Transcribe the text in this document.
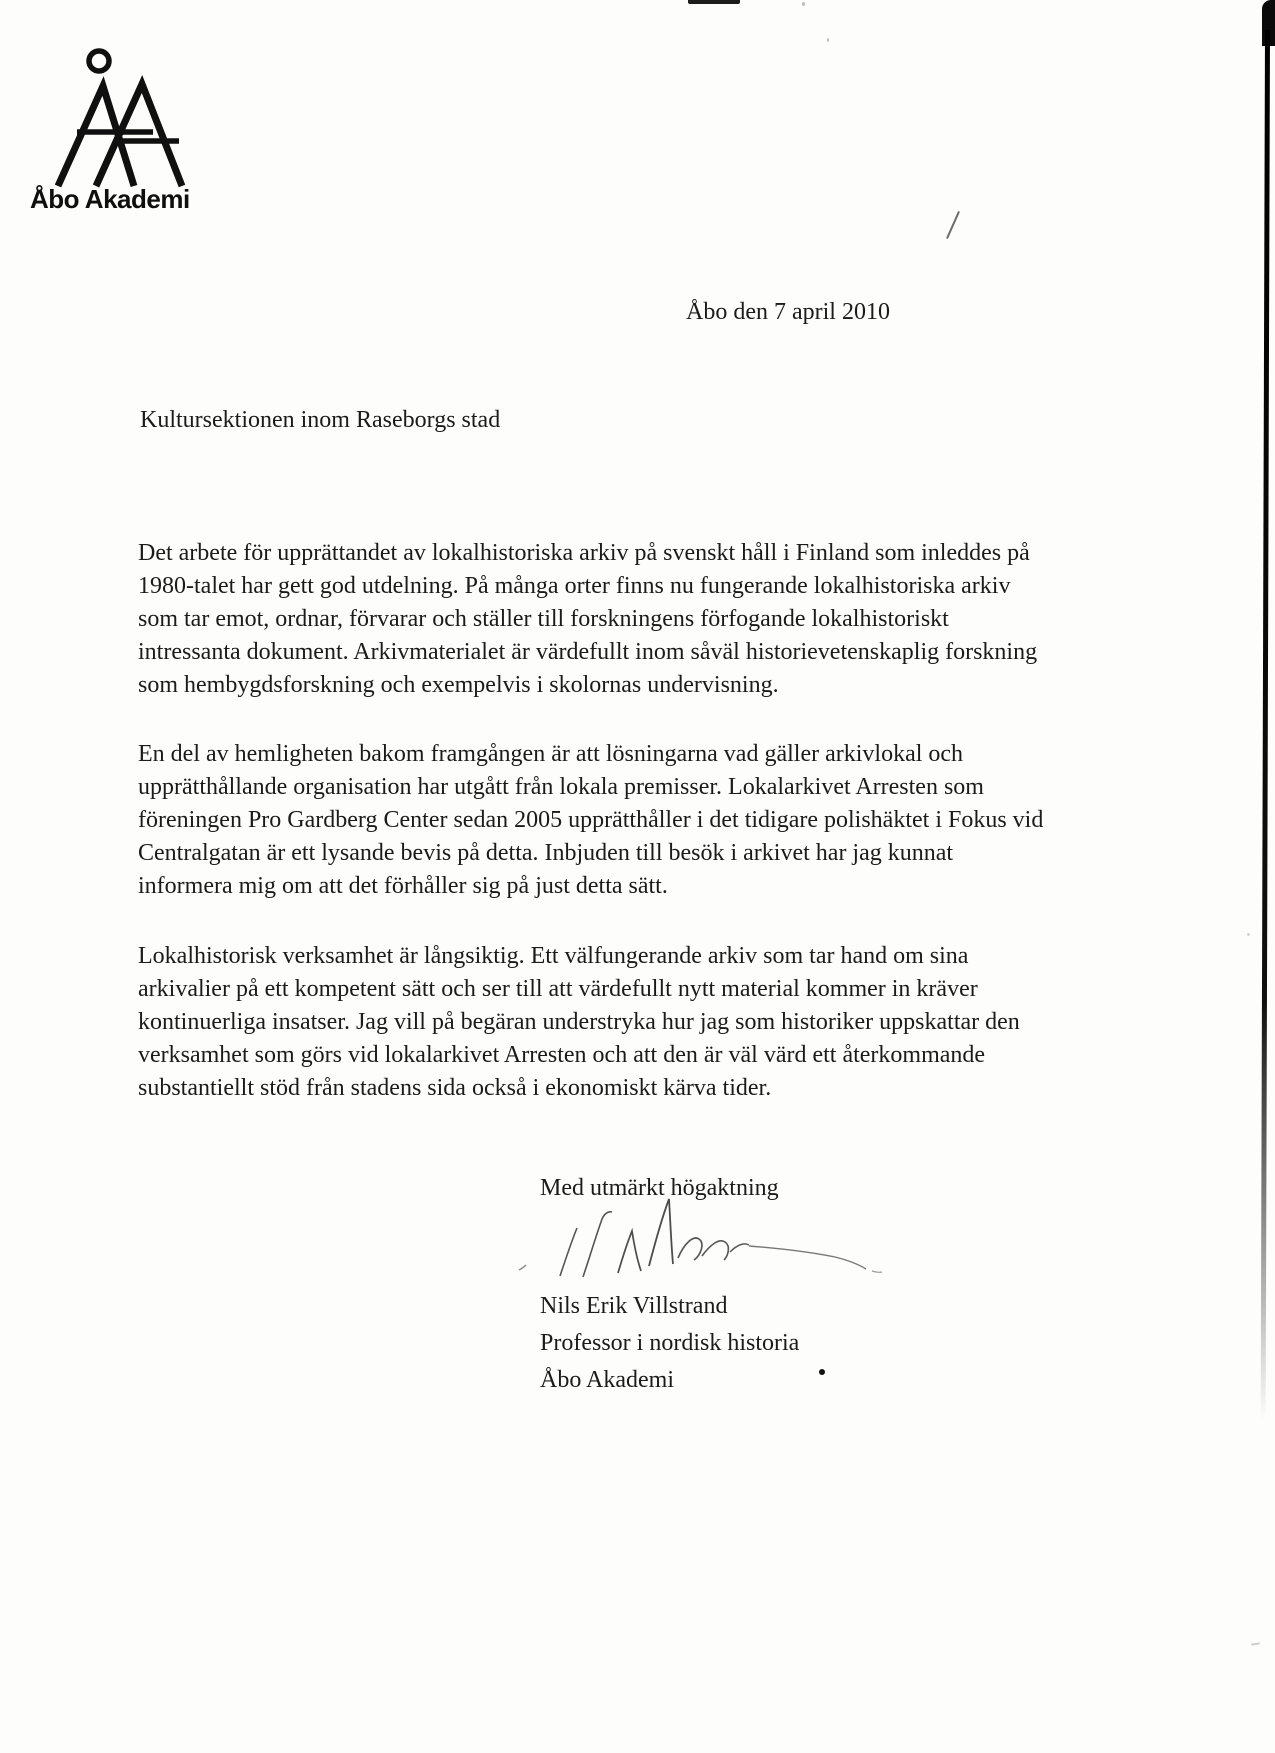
Åbo Akademi
Åbo den 7 april 2010
Kultursektionen inom Raseborgs stad
Det arbete för upprättandet av lokalhistoriska arkiv på svenskt håll i Finland som inleddes på
1980-talet har gett god utdelning. På många orter finns nu fungerande lokalhistoriska arkiv
som tar emot, ordnar, förvarar och ställer till forskningens förfogande lokalhistoriskt
intressanta dokument. Arkivmaterialet är värdefullt inom såväl historievetenskaplig forskning
som hembygdsforskning och exempelvis i skolornas undervisning.
En del av hemligheten bakom framgången är att lösningarna vad gäller arkivlokal och
upprätthållande organisation har utgått från lokala premisser. Lokalarkivet Arresten som
föreningen Pro Gardberg Center sedan 2005 upprätthåller i det tidigare polishäktet i Fokus vid
Centralgatan är ett lysande bevis på detta. Inbjuden till besök i arkivet har jag kunnat
informera mig om att det förhåller sig på just detta sätt.
Lokalhistorisk verksamhet är långsiktig. Ett välfungerande arkiv som tar hand om sina
arkivalier på ett kompetent sätt och ser till att värdefullt nytt material kommer in kräver
kontinuerliga insatser. Jag vill på begäran understryka hur jag som historiker uppskattar den
verksamhet som görs vid lokalarkivet Arresten och att den är väl värd ett återkommande
substantiellt stöd från stadens sida också i ekonomiskt kärva tider.
Med utmärkt högaktning
Nils Erik Villstrand
Professor i nordisk historia
Åbo Akademi
